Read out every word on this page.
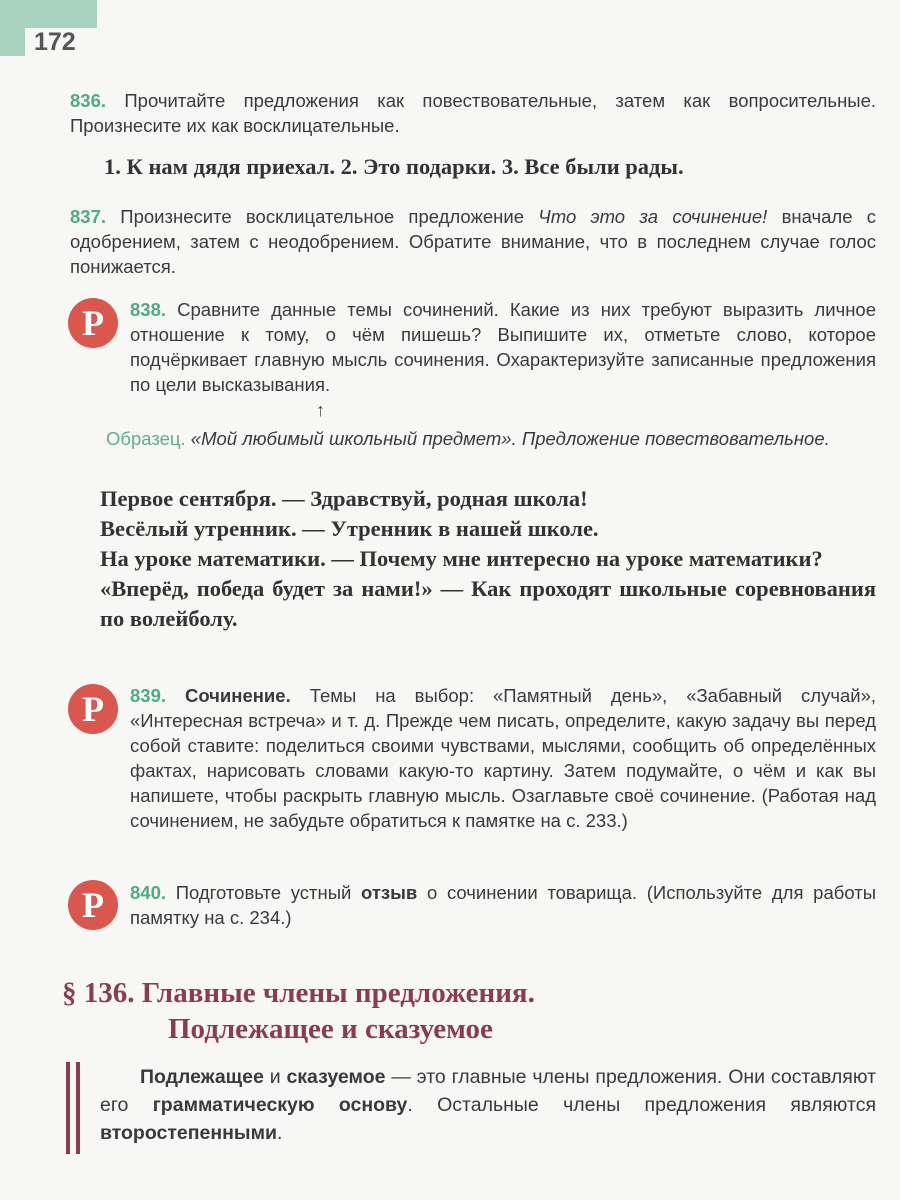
172
836. Прочитайте предложения как повествовательные, затем как вопросительные. Произнесите их как восклицательные.
1. К нам дядя приехал. 2. Это подарки. 3. Все были рады.
837. Произнесите восклицательное предложение Что это за сочинение! вначале с одобрением, затем с неодобрением. Обратите внимание, что в последнем случае голос понижается.
Р	838. Сравните данные темы сочинений. Какие из них требуют выразить личное отношение к тому, о чём пишешь? Выпишите их, отметьте слово, которое подчёркивает главную мысль сочинения. Охарактеризуйте записанные предложения по цели высказывания.
↑
Образец. «Мой любимый школьный предмет». Предложение повествовательное.
Первое сентября. — Здравствуй, родная школа!
Весёлый утренник. — Утренник в нашей школе.
На уроке математики. — Почему мне интересно на уроке математики?
«Вперёд, победа будет за нами!» — Как проходят школьные соревнования по волейболу.
Р	839. Сочинение. Темы на выбор: «Памятный день», «Забавный случай», «Интересная встреча» и т. д. Прежде чем писать, определите, какую задачу вы перед собой ставите: поделиться своими чувствами, мыслями, сообщить об определённых фактах, нарисовать словами какую-то картину. Затем подумайте, о чём и как вы напишете, чтобы раскрыть главную мысль. Озаглавьте своё сочинение. (Работая над сочинением, не забудьте обратиться к памятке на с. 233.)
Р	840. Подготовьте устный отзыв о сочинении товарища. (Используйте для работы памятку на с. 234.)
§ 136. Главные члены предложения.
Подлежащее и сказуемое
Подлежащее и сказуемое — это главные члены предложения. Они составляют его грамматическую основу. Остальные члены предложения являются второстепенными.
